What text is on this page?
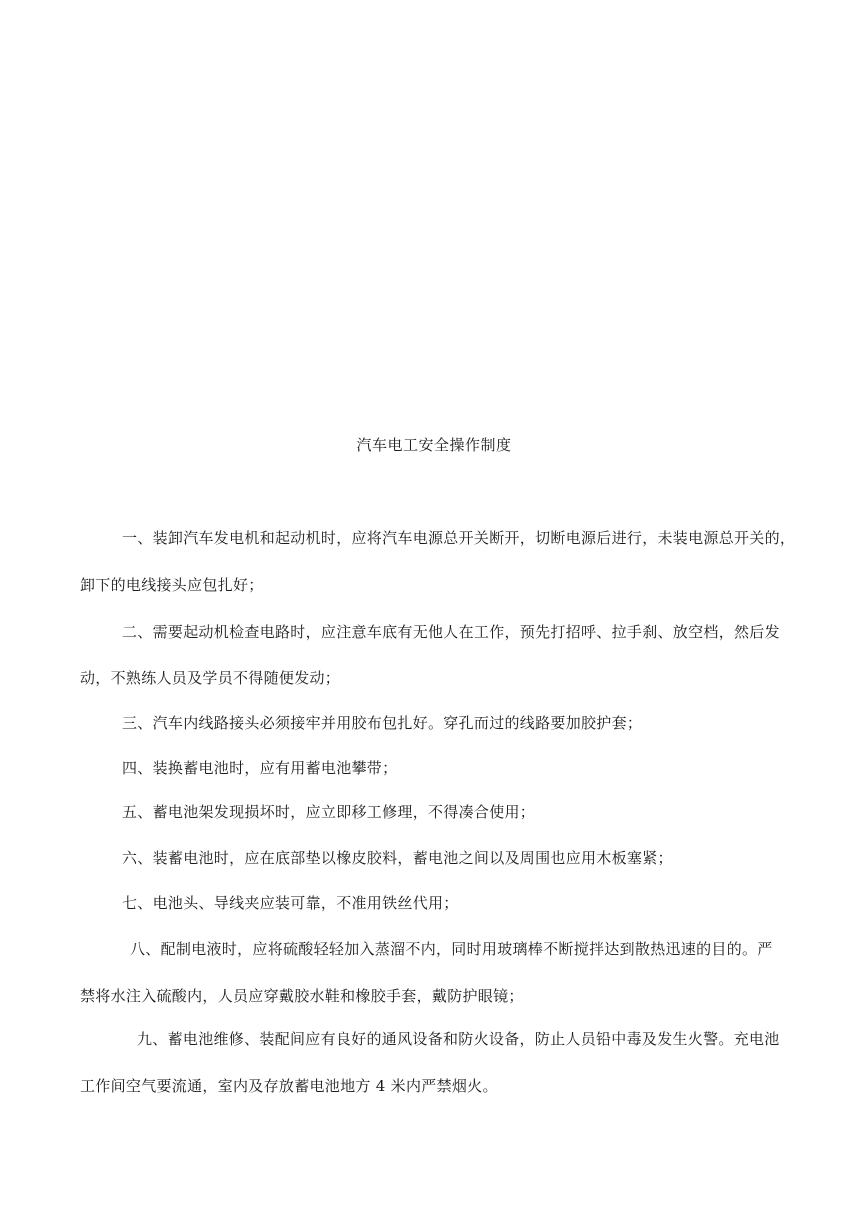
汽车电工安全操作制度
一、装卸汽车发电机和起动机时，应将汽车电源总开关断开，切断电源后进行，未装电源总开关的，
卸下的电线接头应包扎好；
二、需要起动机检查电路时，应注意车底有无他人在工作，预先打招呼、拉手刹、放空档，然后发
动，不熟练人员及学员不得随便发动；
三、汽车内线路接头必须接牢并用胶布包扎好。穿孔而过的线路要加胶护套；
四、装换蓄电池时，应有用蓄电池攀带；
五、蓄电池架发现损坏时，应立即移工修理，不得凑合使用；
六、装蓄电池时，应在底部垫以橡皮胶料，蓄电池之间以及周围也应用木板塞紧；
七、电池头、导线夹应装可靠，不准用铁丝代用；
八、配制电液时，应将硫酸轻轻加入蒸溜不内，同时用玻璃棒不断搅拌达到散热迅速的目的。严
禁将水注入硫酸内，人员应穿戴胶水鞋和橡胶手套，戴防护眼镜；
九、蓄电池维修、装配间应有良好的通风设备和防火设备，防止人员铅中毒及发生火警。充电池
工作间空气要流通，室内及存放蓄电池地方 4 米内严禁烟火。
